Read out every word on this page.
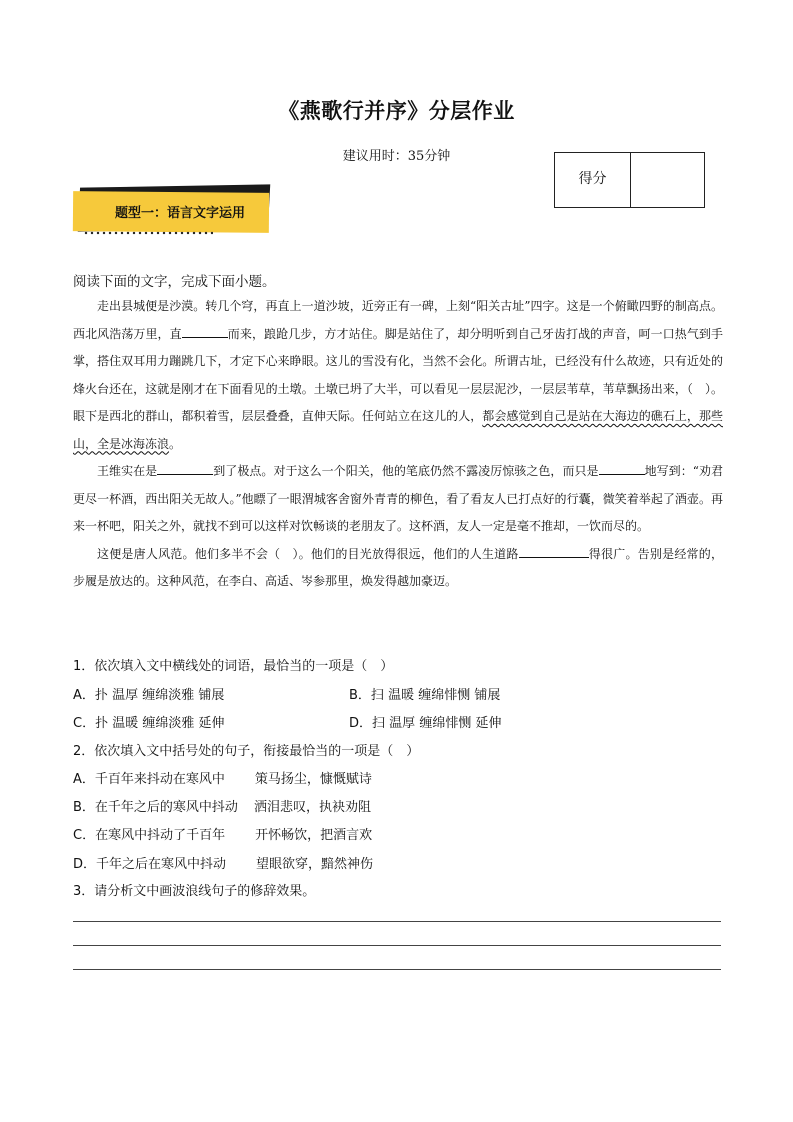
《燕歌行并序》分层作业
建议用时：35分钟
得分
题型一：语言文字运用
阅读下面的文字，完成下面小题。

走出县城便是沙漠。转几个穹，再直上一道沙坡，近旁正有一碑，上刻“阳关古址”四字。这是一个俯瞰四野的制高点。西北风浩荡万里，直	而来，踉跄几步，方才站住。脚是站住了，却分明听到自己牙齿打战的声音，呵一口热气到手掌，搭住双耳用力蹦跳几下，才定下心来睁眼。这儿的雪没有化，当然不会化。所谓古址，已经没有什么故迹，只有近处的烽火台还在，这就是刚才在下面看见的土墩。土墩已坍了大半，可以看见一层层泥沙，一层层苇草，苇草飘扬出来，（　）。眼下是西北的群山，都积着雪，层层叠叠，直伸天际。任何站立在这儿的人，都会感觉到自己是站在大海边的礁石上，那些山，全是冰海冻浪。

王维实在是	到了极点。对于这么一个阳关，他的笔底仍然不露凌厉惊骇之色，而只是	地写到：“劝君更尽一杯酒，西出阳关无故人。”他瞟了一眼渭城客舍窗外青青的柳色，看了看友人已打点好的行囊，微笑着举起了酒壶。再来一杯吧，阳关之外，就找不到可以这样对饮畅谈的老朋友了。这杯酒，友人一定是毫不推却，一饮而尽的。

这便是唐人风范。他们多半不会（　）。他们的目光放得很远，他们的人生道路	得很广。告别是经常的，步履是放达的。这种风范，在李白、高适、岑参那里，焕发得越加豪迈。

1．依次填入文中横线处的词语，最恰当的一项是（　）
A．扑 温厚 缠绵淡雅 铺展	B．扫 温暖 缠绵悱恻 铺展
C．扑 温暖 缠绵淡雅 延伸	D．扫 温厚 缠绵悱恻 延伸
2．依次填入文中括号处的句子，衔接最恰当的一项是（　）
A．千百年来抖动在寒风中 策马扬尘，慷慨赋诗
B．在千年之后的寒风中抖动 洒泪悲叹，执袂劝阻
C．在寒风中抖动了千百年 开怀畅饮，把酒言欢
D．千年之后在寒风中抖动 望眼欲穿，黯然神伤
3．请分析文中画波浪线句子的修辞效果。
